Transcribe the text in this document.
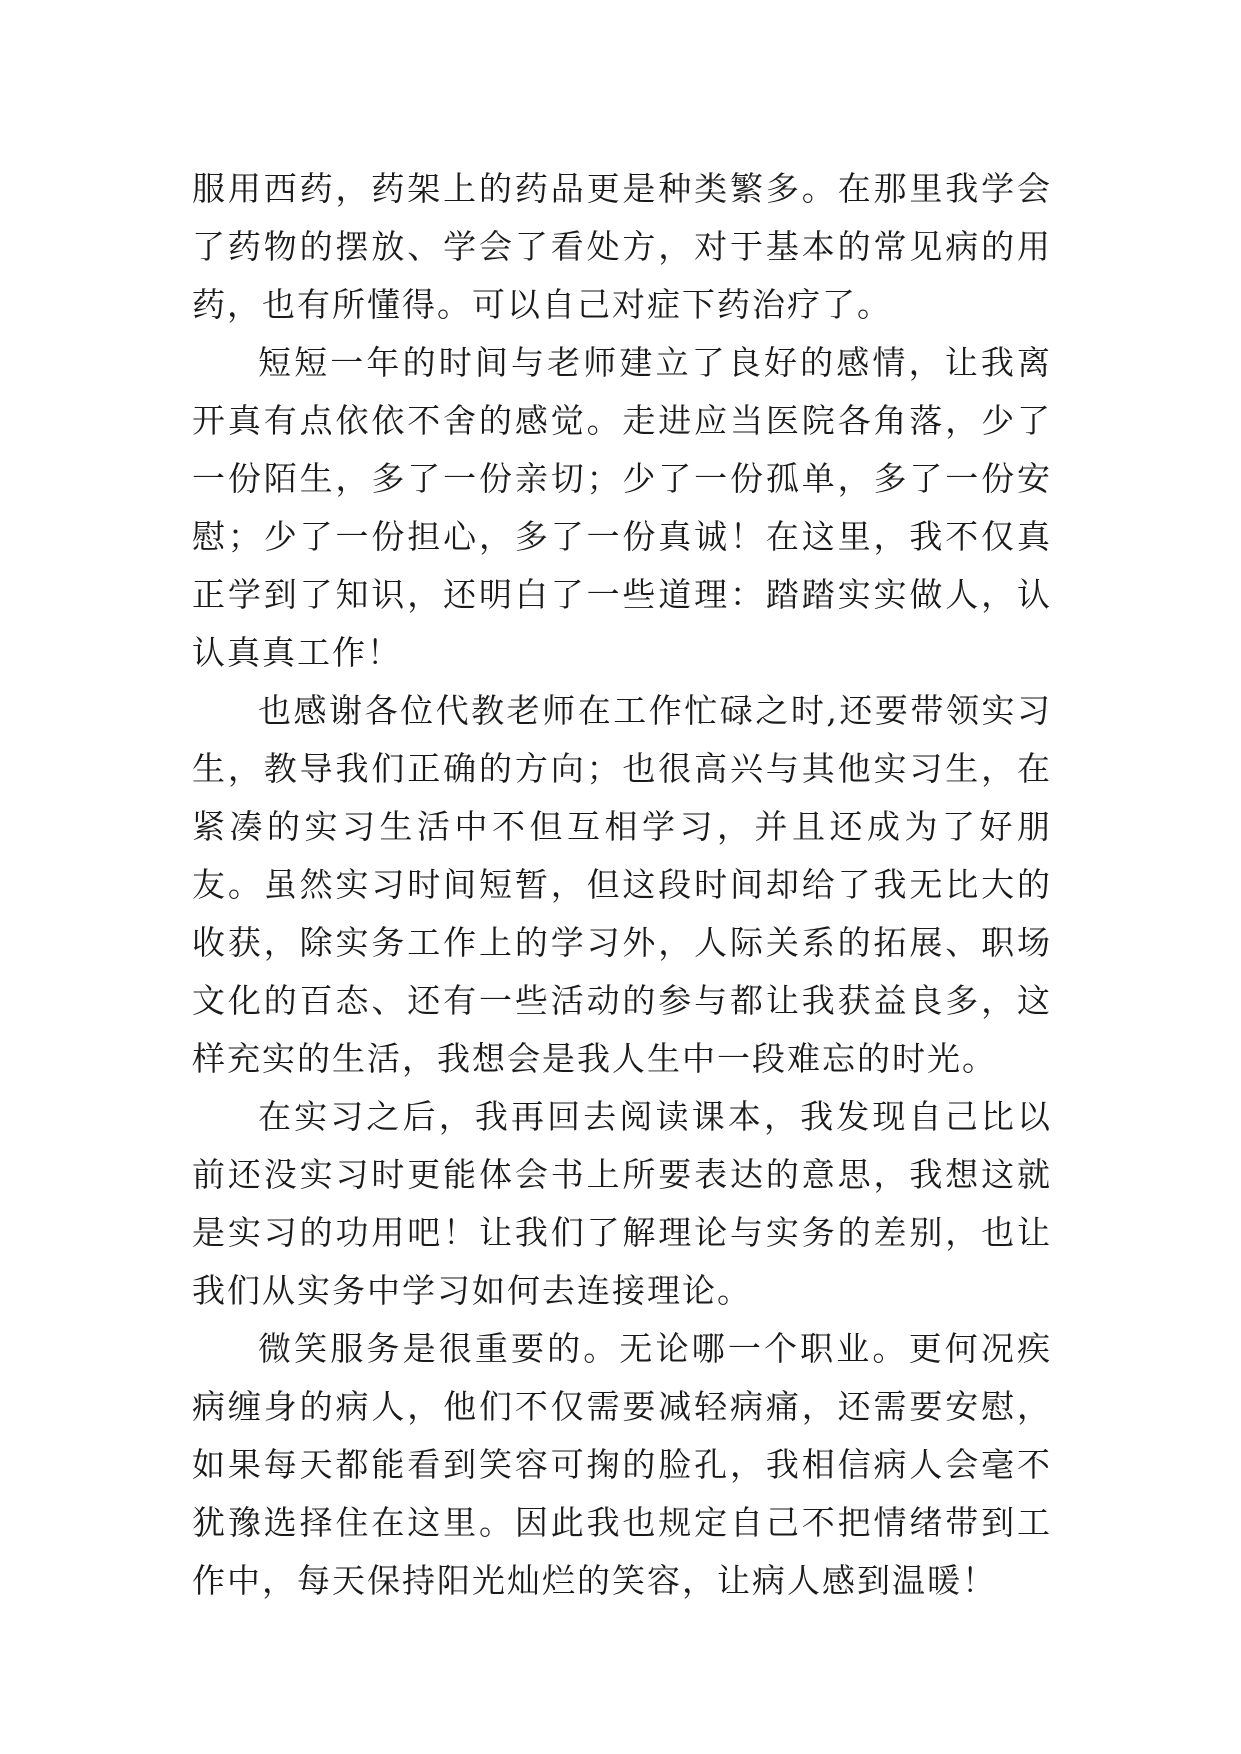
服用西药，药架上的药品更是种类繁多。在那里我学会了药物的摆放、学会了看处方，对于基本的常见病的用药，也有所懂得。可以自己对症下药治疗了。

短短一年的时间与老师建立了良好的感情，让我离开真有点依依不舍的感觉。走进应当医院各角落，少了一份陌生，多了一份亲切；少了一份孤单，多了一份安慰；少了一份担心，多了一份真诚！在这里，我不仅真正学到了知识，还明白了一些道理：踏踏实实做人，认认真真工作！

也感谢各位代教老师在工作忙碌之时,还要带领实习生，教导我们正确的方向；也很高兴与其他实习生，在紧凑的实习生活中不但互相学习，并且还成为了好朋友。虽然实习时间短暂，但这段时间却给了我无比大的收获，除实务工作上的学习外，人际关系的拓展、职场文化的百态、还有一些活动的参与都让我获益良多，这样充实的生活，我想会是我人生中一段难忘的时光。

在实习之后，我再回去阅读课本，我发现自己比以前还没实习时更能体会书上所要表达的意思，我想这就是实习的功用吧！让我们了解理论与实务的差别，也让我们从实务中学习如何去连接理论。

微笑服务是很重要的。无论哪一个职业。更何况疾病缠身的病人，他们不仅需要减轻病痛，还需要安慰，如果每天都能看到笑容可掬的脸孔，我相信病人会毫不犹豫选择住在这里。因此我也规定自己不把情绪带到工作中，每天保持阳光灿烂的笑容，让病人感到温暖！
